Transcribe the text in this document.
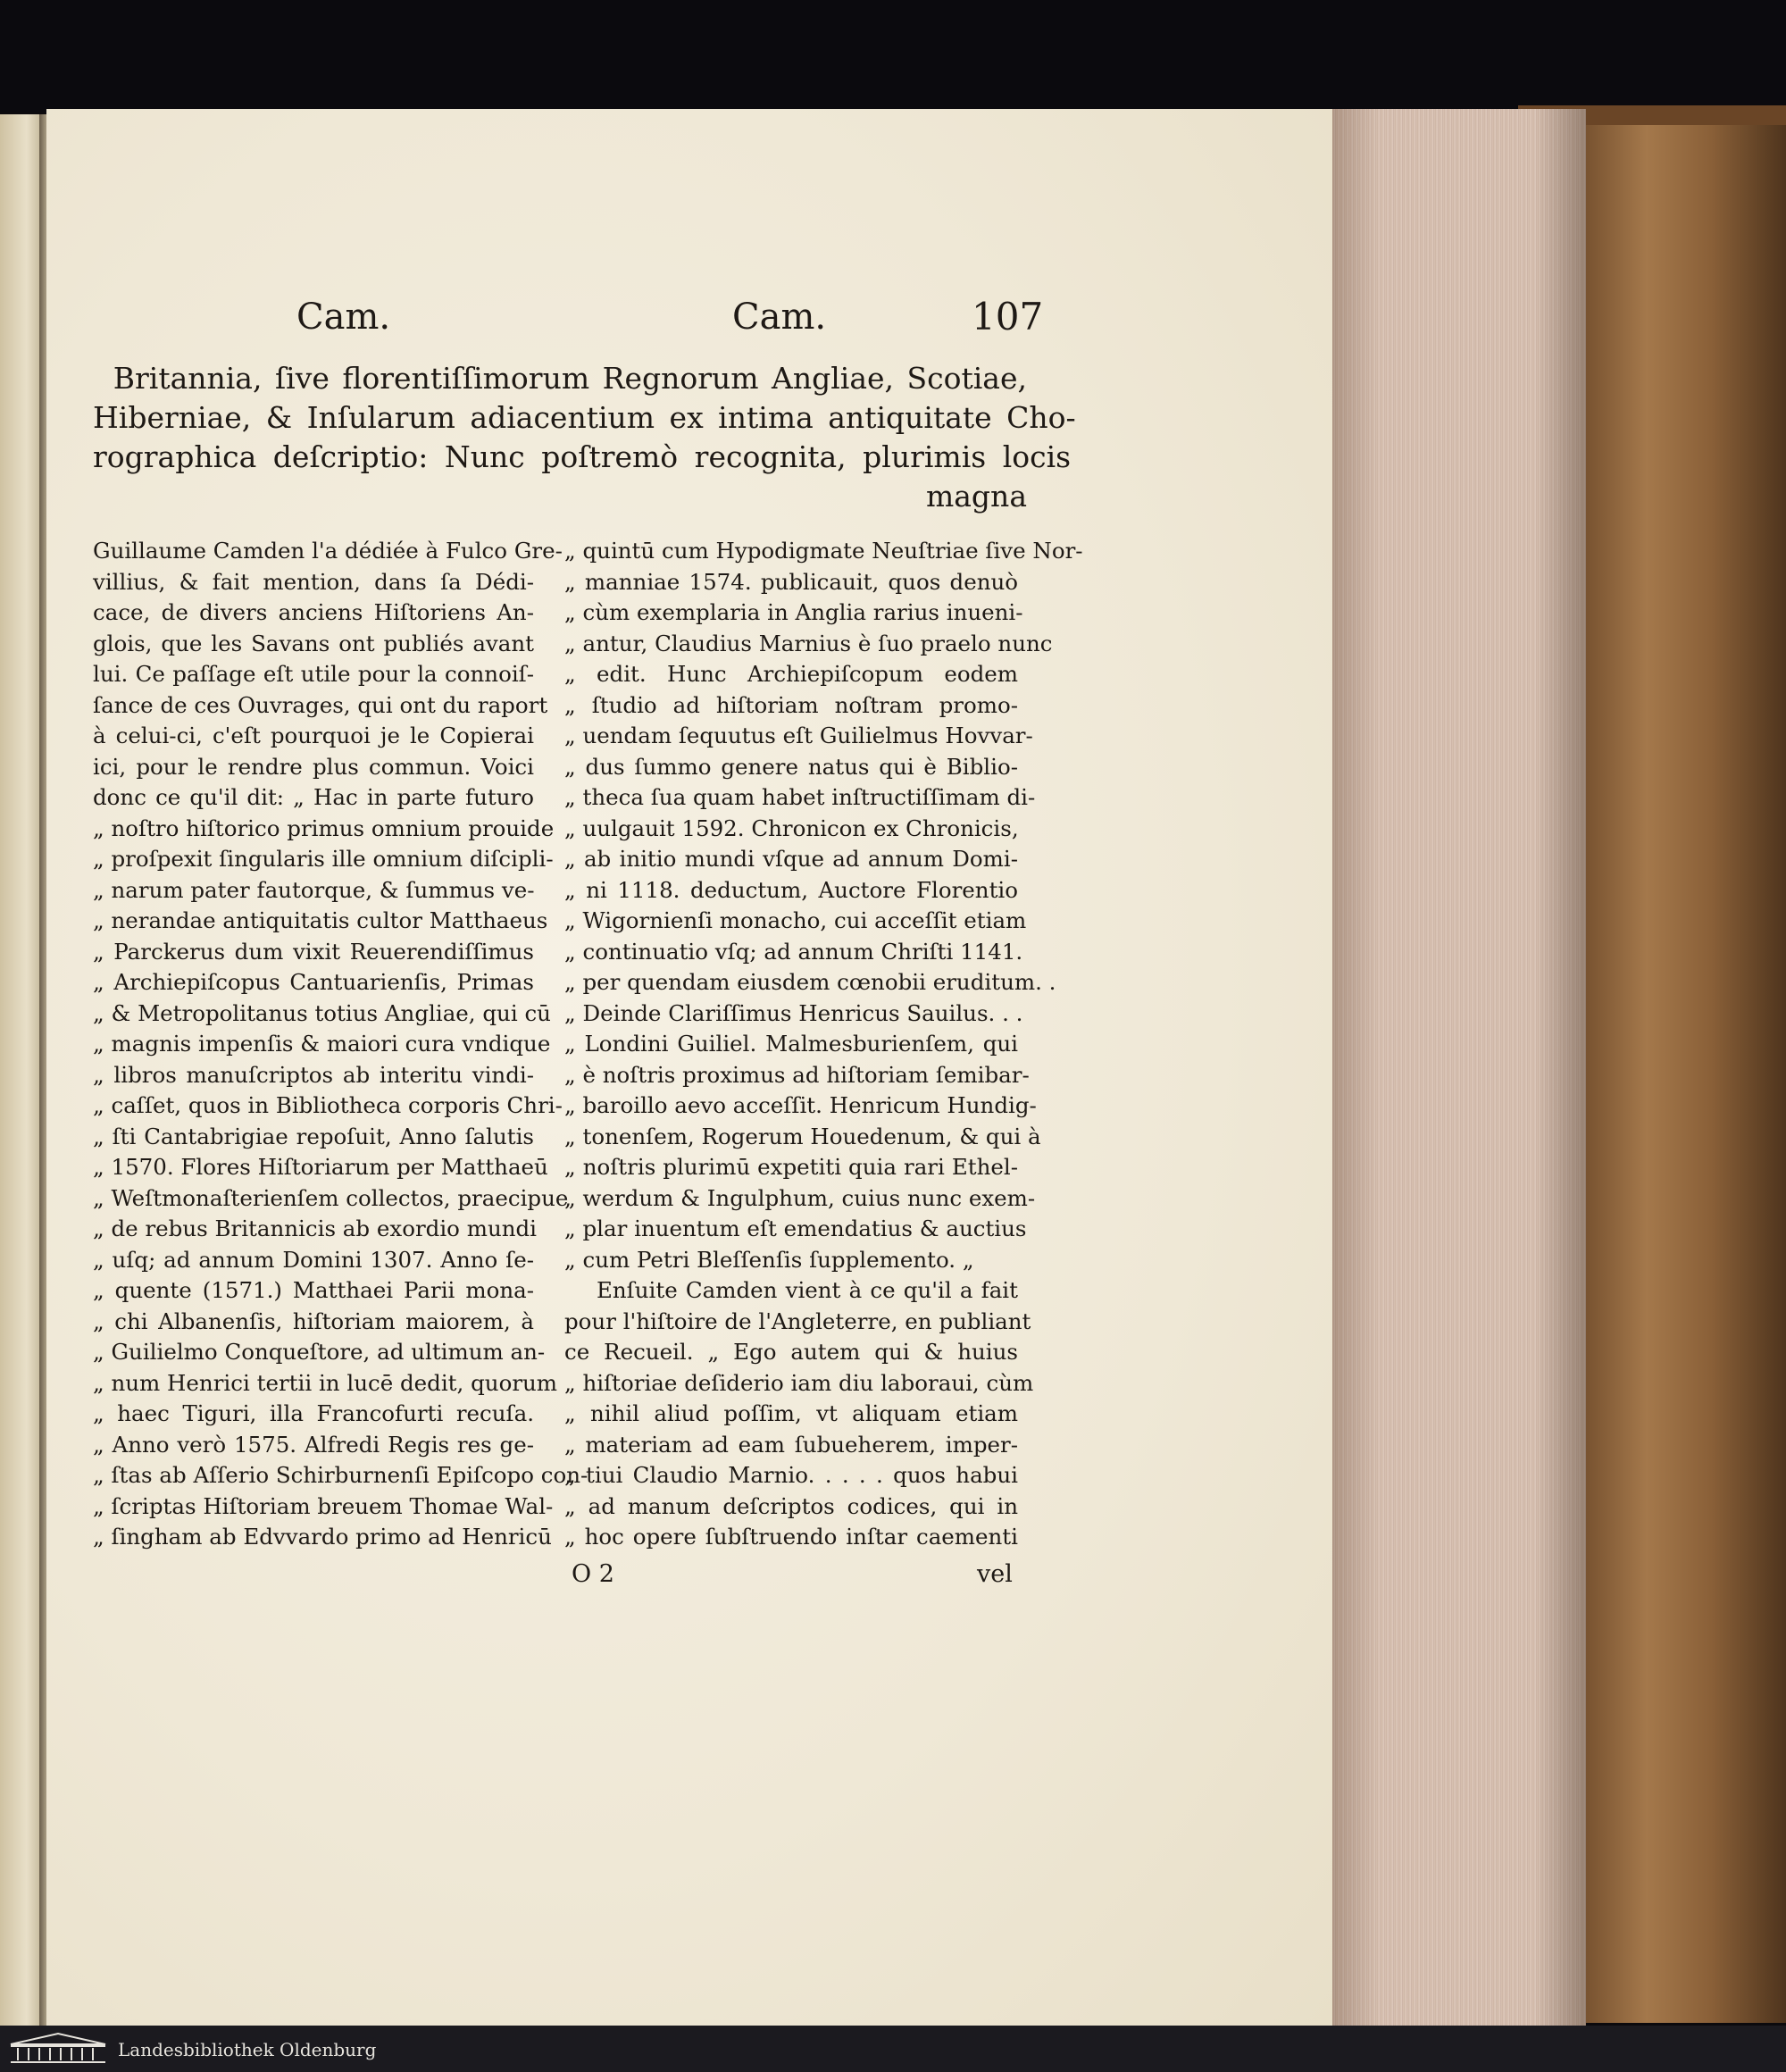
Cam.	Cam.	107
Britannia, ſive florentiſſimorum Regnorum Angliae, Scotiae,
Hiberniae, & Inſularum adiacentium ex intima antiquitate Cho-
rographica deſcriptio: Nunc poſtremò recognita, plurimis locis
magna
Guillaume Camden l'a dédiée à Fulco Gre-
villius, & fait mention, dans ſa Dédi-
cace, de divers anciens Hiſtoriens An-
glois, que les Savans ont publiés avant
lui. Ce paſſage eſt utile pour la connoiſ-
ſance de ces Ouvrages, qui ont du raport
à celui-ci, c'eſt pourquoi je le Copierai
ici, pour le rendre plus commun. Voici
donc ce qu'il dit: „ Hac in parte futuro
„ noſtro hiſtorico primus omnium prouide
„ proſpexit ſingularis ille omnium diſcipli-
„ narum pater fautorque, & ſummus ve-
„ nerandae antiquitatis cultor Matthaeus
„ Parckerus dum vixit Reuerendiſſimus
„ Archiepiſcopus Cantuarienſis, Primas
„ & Metropolitanus totius Angliae, qui cū
„ magnis impenſis & maiori cura vndique
„ libros manuſcriptos ab interitu vindi-
„ caſſet, quos in Bibliotheca corporis Chri-
„ ſti Cantabrigiae repoſuit, Anno ſalutis
„ 1570. Flores Hiſtoriarum per Matthaeū
„ Weſtmonaſterienſem collectos, praecipue
„ de rebus Britannicis ab exordio mundi
„ uſq; ad annum Domini 1307. Anno ſe-
„ quente (1571.) Matthaei Parii mona-
„ chi Albanenſis, hiſtoriam maiorem, à
„ Guilielmo Conqueſtore, ad ultimum an-
„ num Henrici tertii in lucē dedit, quorum
„ haec Tiguri, illa Francofurti recuſa.
„ Anno verò 1575. Alfredi Regis res ge-
„ ſtas ab Aſſerio Schirburnenſi Epiſcopo con-
„ ſcriptas Hiſtoriam breuem Thomae Wal-
„ ſingham ab Edvvardo primo ad Henricū
„ quintū cum Hypodigmate Neuſtriae ſive Nor-
„ manniae 1574. publicauit, quos denuò
„ cùm exemplaria in Anglia rarius inueni-
„ antur, Claudius Marnius è ſuo praelo nunc
„ edit. Hunc Archiepiſcopum eodem
„ ſtudio ad hiſtoriam noſtram promo-
„ uendam ſequutus eſt Guilielmus Hovvar-
„ dus ſummo genere natus qui è Biblio-
„ theca ſua quam habet inſtructiſſimam di-
„ uulgauit 1592. Chronicon ex Chronicis,
„ ab initio mundi vſque ad annum Domi-
„ ni 1118. deductum, Auctore Florentio
„ Wigornienſi monacho, cui acceſſit etiam
„ continuatio vſq; ad annum Chriſti 1141.
„ per quendam eiusdem cœnobii eruditum. .
„ Deinde Clariſſimus Henricus Sauilus. . .
„ Londini Guiliel. Malmesburienſem, qui
„ è noſtris proximus ad hiſtoriam ſemibar-
„ baroillo aevo acceſſit. Henricum Hundig-
„ tonenſem, Rogerum Houedenum, & qui à
„ noſtris plurimū expetiti quia rari Ethel-
„ werdum & Ingulphum, cuius nunc exem-
„ plar inuentum eſt emendatius & auctius
„ cum Petri Bleſſenſis ſupplemento. „
Enſuite Camden vient à ce qu'il a fait
pour l'hiſtoire de l'Angleterre, en publiant
ce Recueil. „ Ego autem qui & huius
„ hiſtoriae deſiderio iam diu laboraui, cùm
„ nihil aliud poſſim, vt aliquam etiam
„ materiam ad eam ſubueherem, imper-
„ tiui Claudio Marnio. . . . . quos habui
„ ad manum deſcriptos codices, qui in
„ hoc opere ſubſtruendo inſtar caementi
O 2	vel
Landesbibliothek Oldenburg
